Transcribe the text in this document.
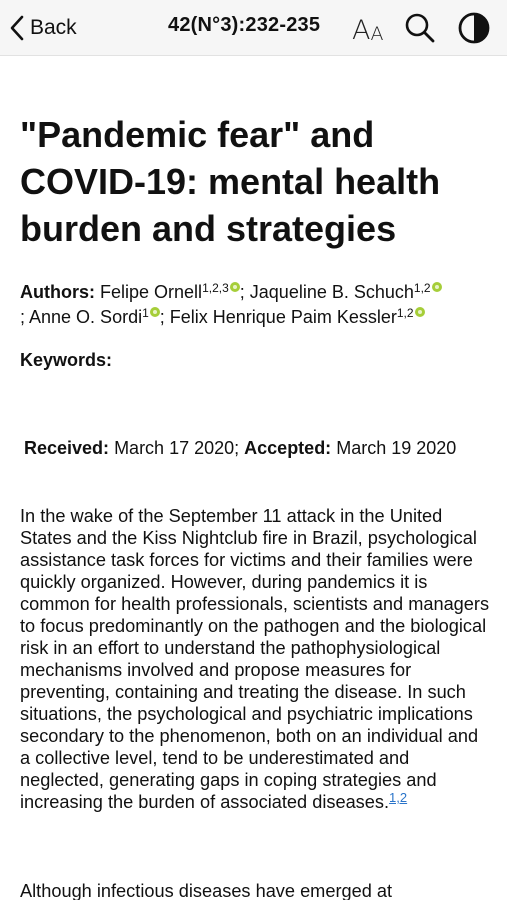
Back	42(N°3):232-235 A A
"Pandemic fear" and COVID-19: mental health burden and strategies
Authors: Felipe Ornell$^{1,2,3}$ ; Jaqueline B. Schuch$^{1,2}$
; Anne O. Sordi$^1$ ; Felix Henrique Paim Kessler$^{1,2}$
Keywords:
Received: March 17 2020; Accepted: March 19 2020

In the wake of the September 11 attack in the United States and the Kiss Nightclub fire in Brazil, psychological assistance task forces for victims and their families were quickly organized. However, during pandemics it is common for health professionals, scientists and managers to focus predominantly on the pathogen and the biological risk in an effort to understand the pathophysiological mechanisms involved and propose measures for preventing, containing and treating the disease. In such situations, the psychological and psychiatric implications secondary to the phenomenon, both on an individual and a collective level, tend to be underestimated and neglected, generating gaps in coping strategies and increasing the burden of associated diseases.$^{1,2}$

Although infectious diseases have emerged at
